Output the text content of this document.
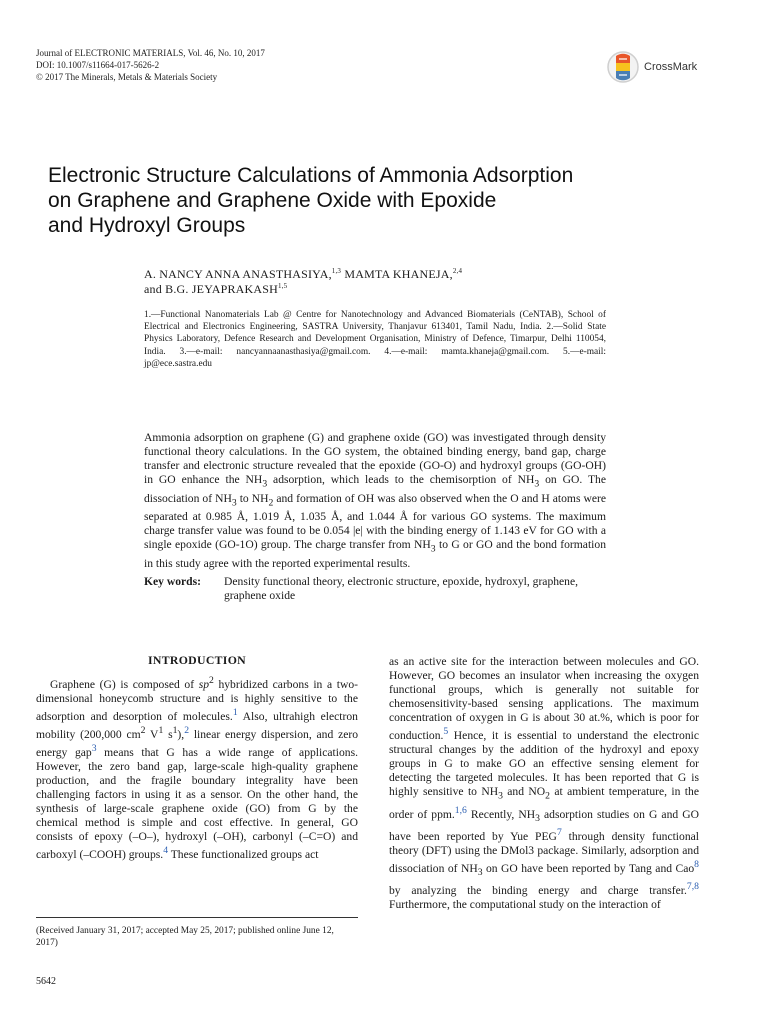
Journal of ELECTRONIC MATERIALS, Vol. 46, No. 10, 2017
DOI: 10.1007/s11664-017-5626-2
© 2017 The Minerals, Metals & Materials Society
CrossMark
Electronic Structure Calculations of Ammonia Adsorption
on Graphene and Graphene Oxide with Epoxide
and Hydroxyl Groups
A. NANCY ANNA ANASTHASIYA,$^{1,3}$ MAMTA KHANEJA,$^{2,4}$
and B.G. JEYAPRAKASH$^{1,5}$
1.—Functional Nanomaterials Lab @ Centre for Nanotechnology and Advanced Biomaterials (CeNTAB), School of Electrical and Electronics Engineering, SASTRA University, Thanjavur 613401, Tamil Nadu, India. 2.—Solid State Physics Laboratory, Defence Research and Development Organisation, Ministry of Defence, Timarpur, Delhi 110054, India. 3.—e-mail: nancyannaanasthasiya@gmail.com. 4.—e-mail: mamta.khaneja@gmail.com. 5.—e-mail: jp@ece.sastra.edu
Ammonia adsorption on graphene (G) and graphene oxide (GO) was investigated through density functional theory calculations. In the GO system, the obtained binding energy, band gap, charge transfer and electronic structure revealed that the epoxide (GO-O) and hydroxyl groups (GO-OH) in GO enhance the $NH_3$ adsorption, which leads to the chemisorption of $NH_3$ on GO. The dissociation of $NH_3$ to $NH_2$ and formation of OH was also observed when the O and H atoms were separated at 0.985 Å, 1.019 Å, 1.035 Å, and 1.044 Å for various GO systems. The maximum charge transfer value was found to be 0.054 |e| with the binding energy of 1.143 eV for GO with a single epoxide (GO-1O) group. The charge transfer from $NH_3$ to G or GO and the bond formation in this study agree with the reported experimental results.
Key words:	Density functional theory, electronic structure, epoxide, hydroxyl, graphene, graphene oxide
INTRODUCTION

Graphene (G) is composed of $sp^2$ hybridized carbons in a two-dimensional honeycomb structure and is highly sensitive to the adsorption and desorption of molecules.$^1$ Also, ultrahigh electron mobility (200,000 $cm^2$ $V^1$ $s^1),^2$ linear energy dispersion, and zero energy gap$^3$ means that G has a wide range of applications. However, the zero band gap, large-scale high-quality graphene production, and the fragile boundary integrality have been challenging factors in using it as a sensor. On the other hand, the synthesis of large-scale graphene oxide (GO) from G by the chemical method is simple and cost effective. In general, GO consists of epoxy (–O–), hydroxyl (–OH), carbonyl (–C=O) and carboxyl (–COOH) groups.$^4$ These functionalized groups act

as an active site for the interaction between molecules and GO. However, GO becomes an insulator when increasing the oxygen functional groups, which is generally not suitable for chemosensitivity-based sensing applications. The maximum concentration of oxygen in G is about 30 at.%, which is poor for conduction.$^5$ Hence, it is essential to understand the electronic structural changes by the addition of the hydroxyl and epoxy groups in G to make GO an effective sensing element for detecting the targeted molecules. It has been reported that G is highly sensitive to $NH_3$ and $NO_2$ at ambient temperature, in the order of ppm.$^{1,6}$ Recently, $NH_3$ adsorption studies on G and GO have been reported by Yue PEG$^7$ through density functional theory (DFT) using the DMol3 package. Similarly, adsorption and dissociation of $NH_3$ on GO have been reported by Tang and Cao$^8$ by analyzing the binding energy and charge transfer.$^{7,8}$ Furthermore, the computational study on the interaction of

(Received January 31, 2017; accepted May 25, 2017; published online June 12, 2017)
5642
